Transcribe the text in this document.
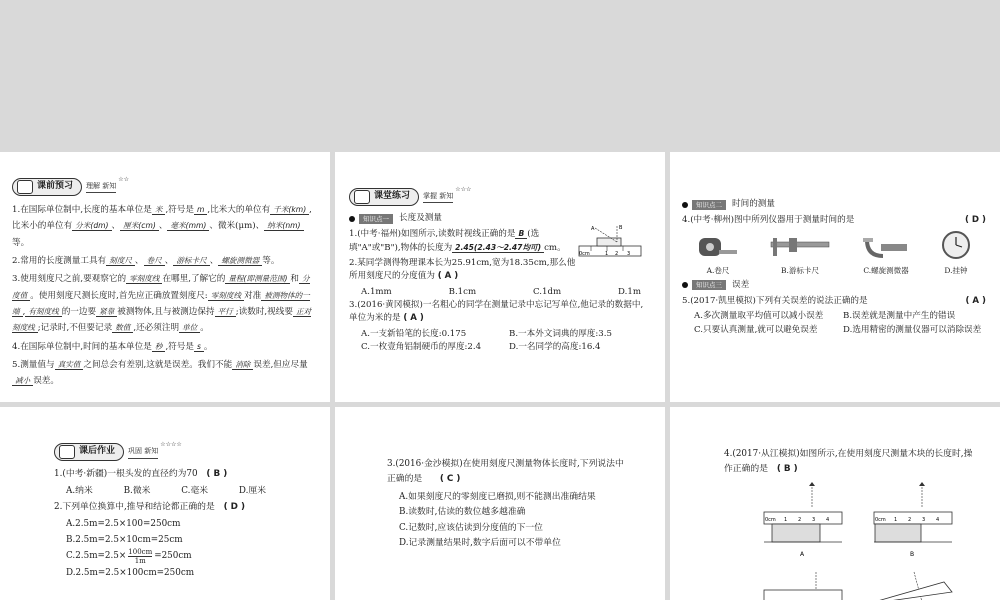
课前预习 理解 新知
☆☆
1.在国际单位制中,长度的基本单位是 米 ,符号是 m ,比米大的单位有 千米(km) ,比米小的单位有 分米(dm) 、 厘米(cm) 、 毫米(mm) 、微米(μm)、 纳米(nm)等。
2.常用的长度测量工具有 刻度尺 、 卷尺 、 游标卡尺 、 螺旋测微器 等。
3.使用刻度尺之前,要观察它的 零刻度线 在哪里,了解它的 量程(即测量范围) 和 分度值 。使用刻度尺测长度时,首先应正确放置刻度尺: 零刻度线 对准 被测物体的一端 , 有刻度线 的一边要 紧靠 被测物体,且与被测边保持 平行 ;读数时,视线要 正对刻度线 ;记录时,不但要记录 数值 ,还必须注明 单位 。
4.在国际单位制中,时间的基本单位是 秒 ,符号是 s 。
5.测量值与 真实值 之间总会有差别,这就是误差。我们不能 消除 误差,但应尽量减小 误差。
课堂练习 掌握 新知
☆☆☆
知识点一	长度及测量
1.(中考·福州)如图所示,读数时视线正确的是 B (选填"A"或"B"),物体的长度为 2.45(2.43～2.47均可) cm。
0cm	1 2 3
A	B
2.某同学测得物理课本长为25.91cm,宽为18.35cm,那么他所用刻度尺的分度值为 ( A )
A.1mm	B.1cm	C.1dm	D.1m
3.(2016·黄冈模拟)一名粗心的同学在测量记录中忘记写单位,他记录的数据中,单位为米的是 ( A )
A.一支新铅笔的长度:0.175	B.一本外文词典的厚度:3.5
C.一枚壹角铝制硬币的厚度:2.4	D.一名同学的高度:16.4
知识点二	时间的测量
4.(中考·柳州)图中所列仪器用于测量时间的是	( D )
A.卷尺	B.游标卡尺	C.螺旋测微器	D.挂钟
知识点三	误差
5.(2017·凯里模拟)下列有关误差的说法正确的是	( A )
A.多次测量取平均值可以减小误差	B.误差就是测量中产生的错误
C.只要认真测量,就可以避免误差	D.选用精密的测量仪器可以消除误差
课后作业 巩固 新知
☆☆☆☆
1.(中考·新疆)一根头发的直径约为70　 ( B )
A.纳米	B.微米	C.毫米	D.厘米
2.下列单位换算中,推导和结论都正确的是　 ( D )
A.2.5m=2.5×100=250cm
B.2.5m=2.5×10cm=25cm
$C.2.5m=2.5\times \frac{100cm}{1m} =250cm$
D.2.5m=2.5×100cm=250cm
3.(2016·金沙模拟)在使用刻度尺测量物体长度时,下列说法中正确的是　　 ( C )
A.如果刻度尺的零刻度已磨损,则不能测出准确结果
B.读数时,估读的数位越多越准确
C.记数时,应该估读到分度值的下一位
D.记录测量结果时,数字后面可以不带单位
4.(2017·从江模拟)如图所示,在使用刻度尺测量木块的长度时,操作正确的是　 ( B )
0cm 1 2 3 4
A
0cm 1 2 3 4
B
